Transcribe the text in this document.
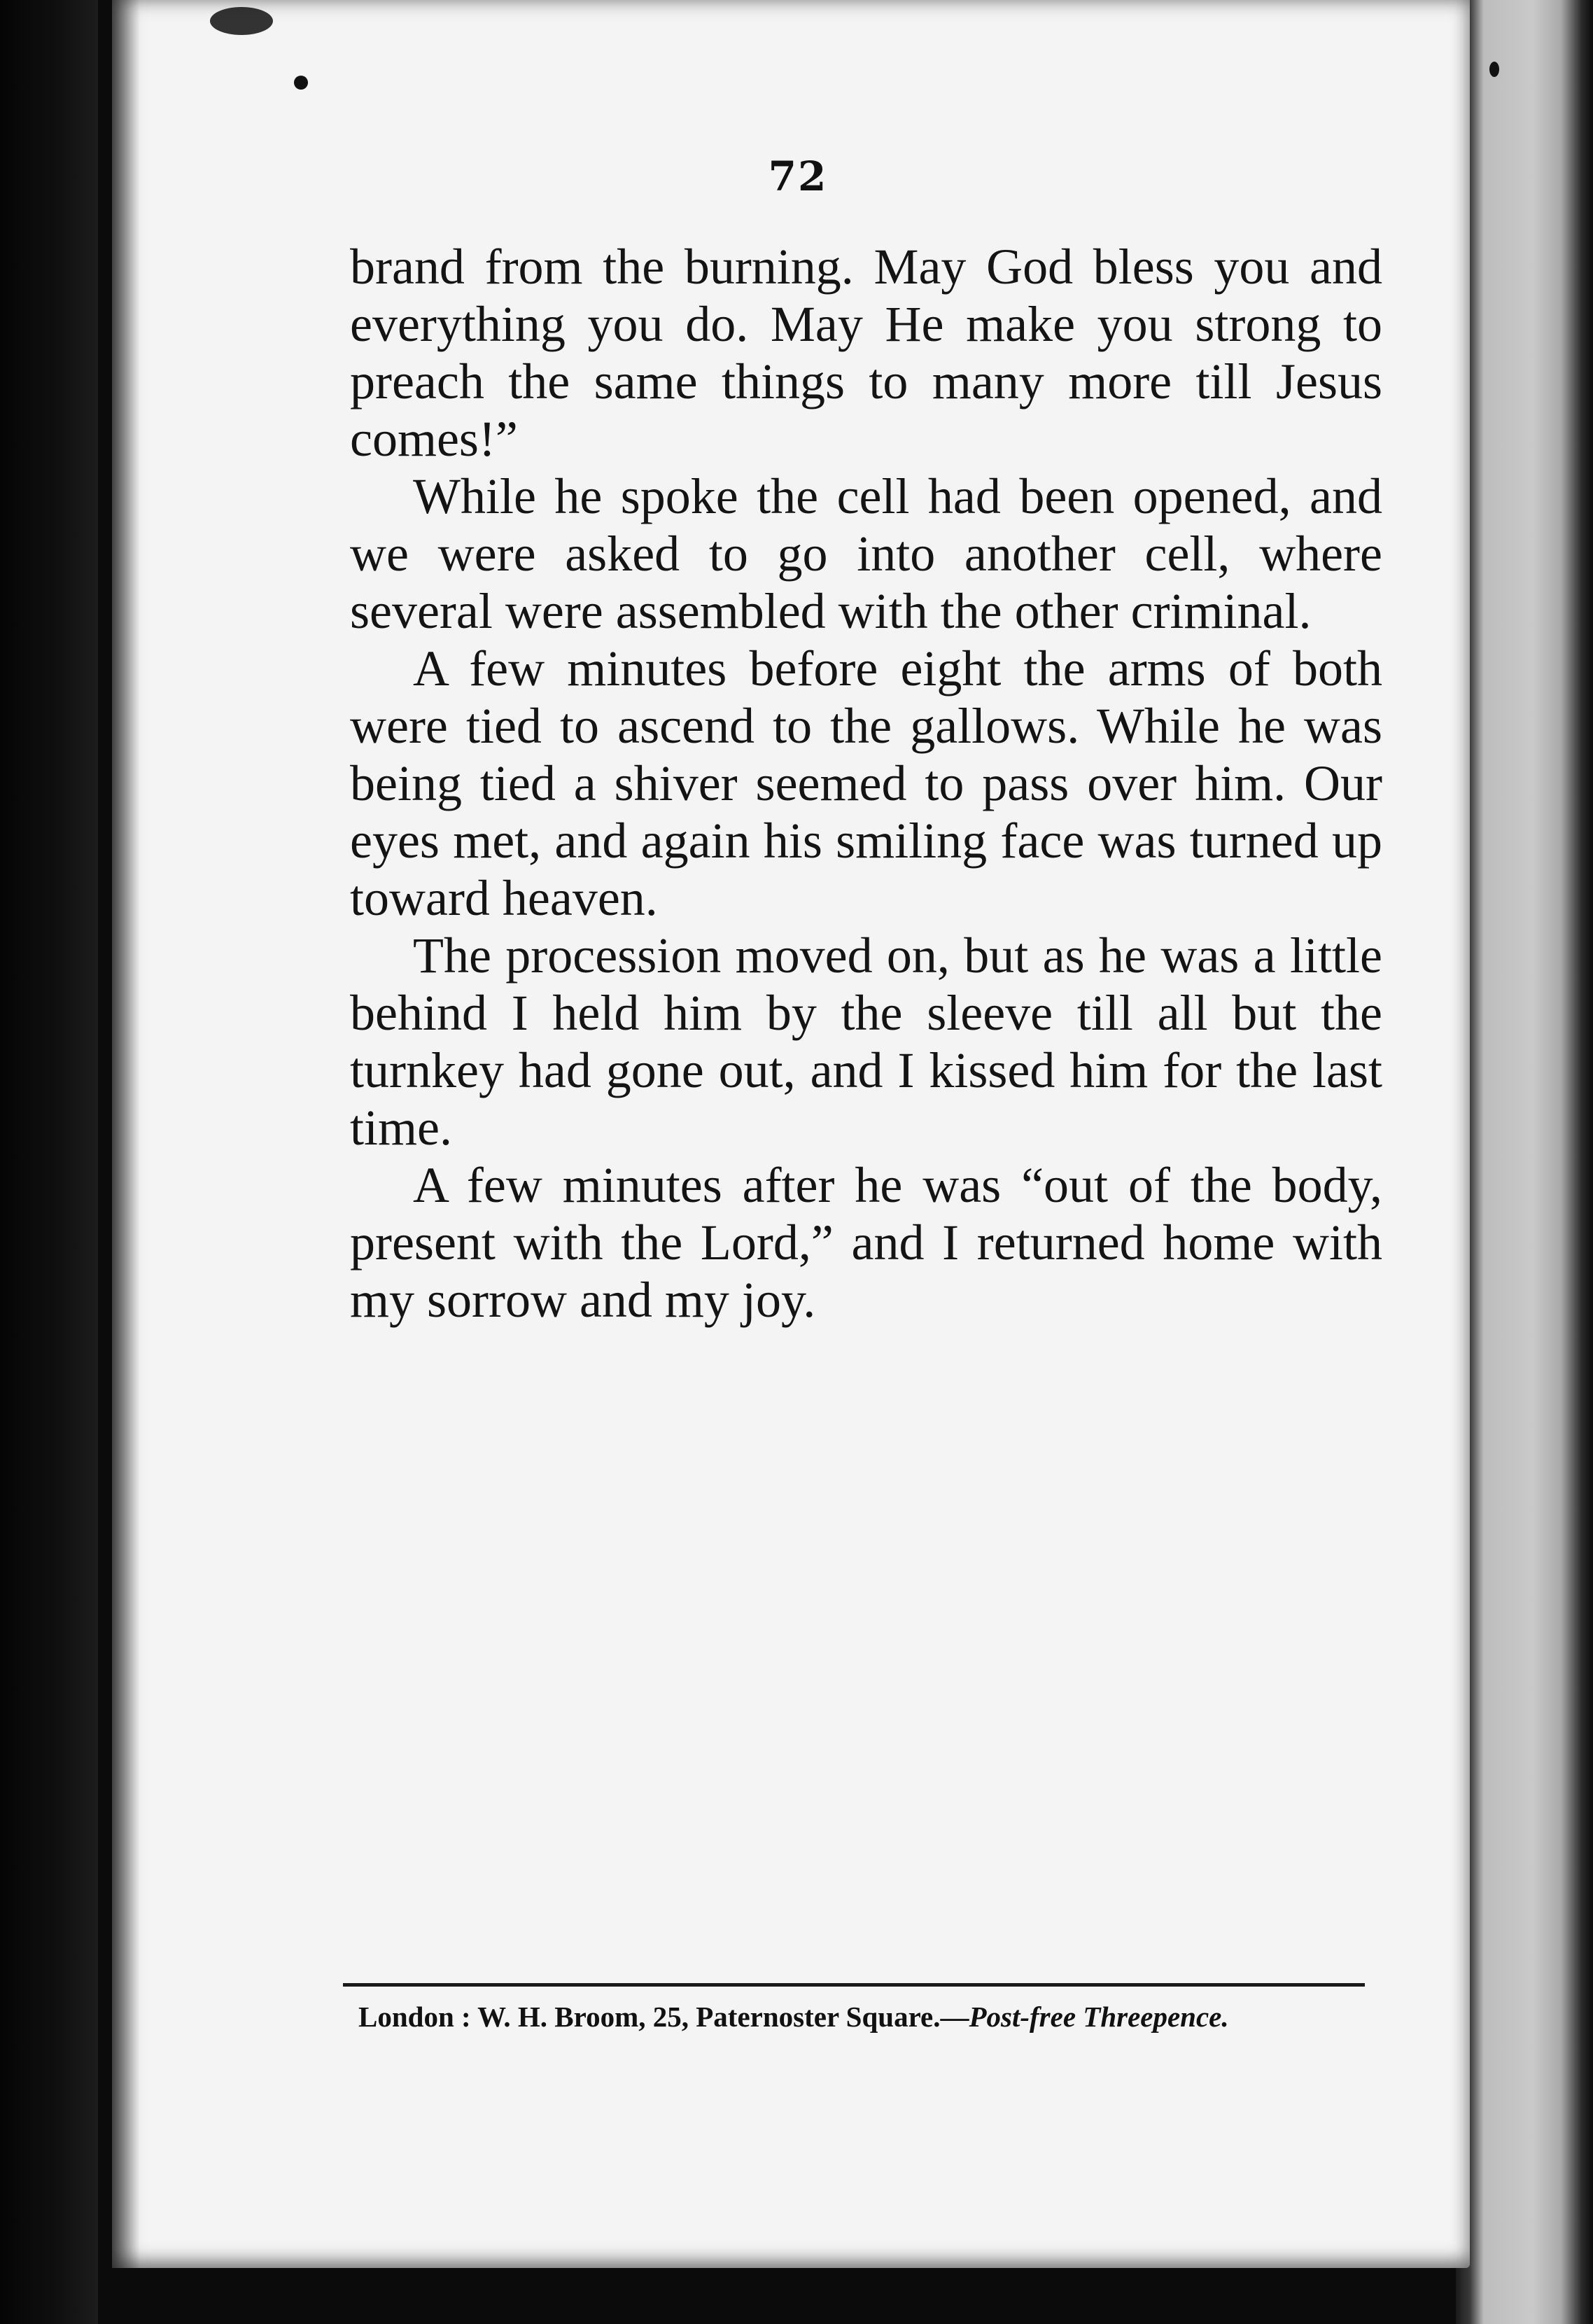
72

brand from the burning. May God bless you and everything you do. May He make you strong to preach the same things to many more till Jesus comes!”

While he spoke the cell had been opened, and we were asked to go into another cell, where several were assembled with the other criminal.

A few minutes before eight the arms of both were tied to ascend to the gallows. While he was being tied a shiver seemed to pass over him. Our eyes met, and again his smiling face was turned up toward heaven.

The procession moved on, but as he was a little behind I held him by the sleeve till all but the turnkey had gone out, and I kissed him for the last time.

A few minutes after he was “out of the body, present with the Lord,” and I returned home with my sorrow and my joy.

London : W. H. Broom, 25, Paternoster Square.—Post-free Threepence.
